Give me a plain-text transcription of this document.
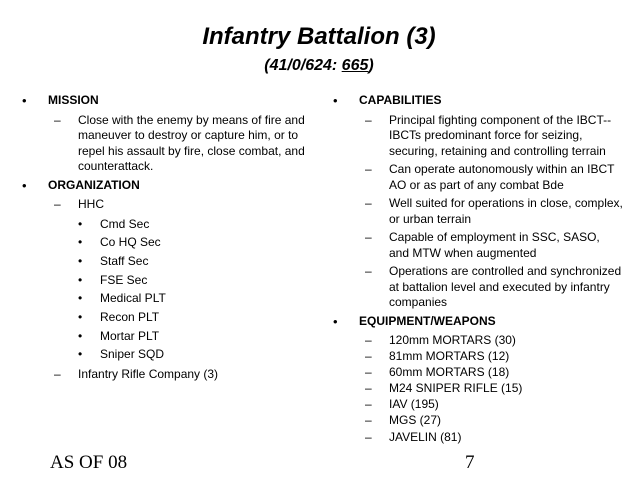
Infantry Battalion (3)
(41/0/624: 665)
• MISSION
– Close with the enemy by means of fire and maneuver to destroy or capture him, or to repel his assault by fire, close combat, and counterattack.
• ORGANIZATION
– HHC
• Cmd Sec
• Co HQ Sec
• Staff Sec
• FSE Sec
• Medical PLT
• Recon PLT
• Mortar PLT
• Sniper SQD
– Infantry Rifle Company (3)
• CAPABILITIES
– Principal fighting component of the IBCT--IBCTs predominant force for seizing, securing, retaining and controlling terrain
– Can operate autonomously within an IBCT AO or as part of any combat Bde
– Well suited for operations in close, complex, or urban terrain
– Capable of employment in SSC, SASO, and MTW when augmented
– Operations are controlled and synchronized at battalion level and executed by infantry companies
• EQUIPMENT/WEAPONS
– 120mm MORTARS (30)
– 81mm MORTARS (12)
– 60mm MORTARS (18)
– M24 SNIPER RIFLE (15)
– IAV (195)
– MGS (27)
– JAVELIN (81)
AS OF 08	7
